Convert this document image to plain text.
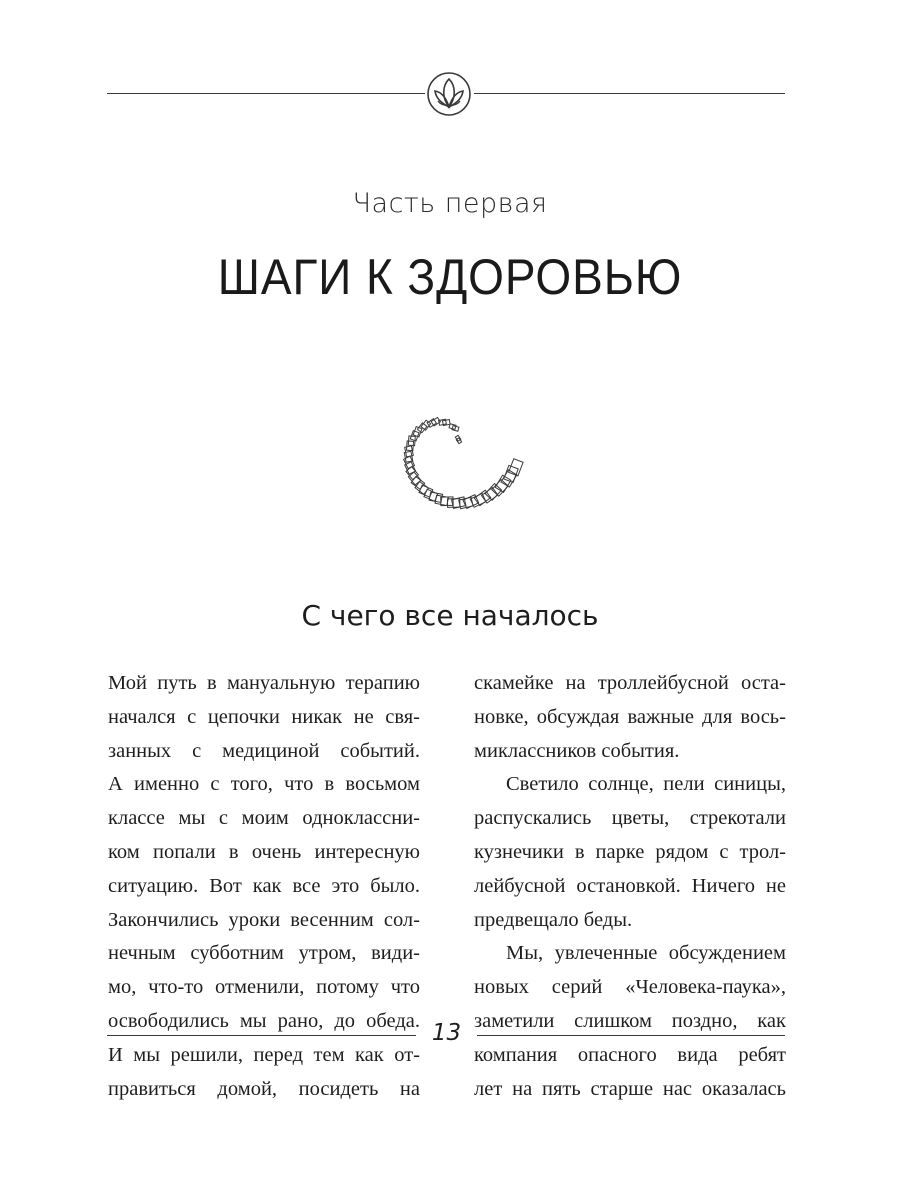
Часть первая
ШАГИ К ЗДОРОВЬЮ
С чего все началось
Мой путь в мануальную терапию
начался с цепочки никак не свя-
занных с медициной событий.
А именно с того, что в восьмом
классе мы с моим одноклассни-
ком попали в очень интересную
ситуацию. Вот как все это было.
Закончились уроки весенним сол-
нечным субботним утром, види-
мо, что-то отменили, потому что
освободились мы рано, до обеда.
И мы решили, перед тем как от-
правиться домой, посидеть на
скамейке на троллейбусной оста-
новке, обсуждая важные для вось-
миклассников события.
Светило солнце, пели синицы,
распускались цветы, стрекотали
кузнечики в парке рядом с трол-
лейбусной остановкой. Ничего не
предвещало беды.
Мы, увлеченные обсуждением
новых серий «Человека-паука»,
заметили слишком поздно, как
компания опасного вида ребят
лет на пять старше нас оказалась
13
